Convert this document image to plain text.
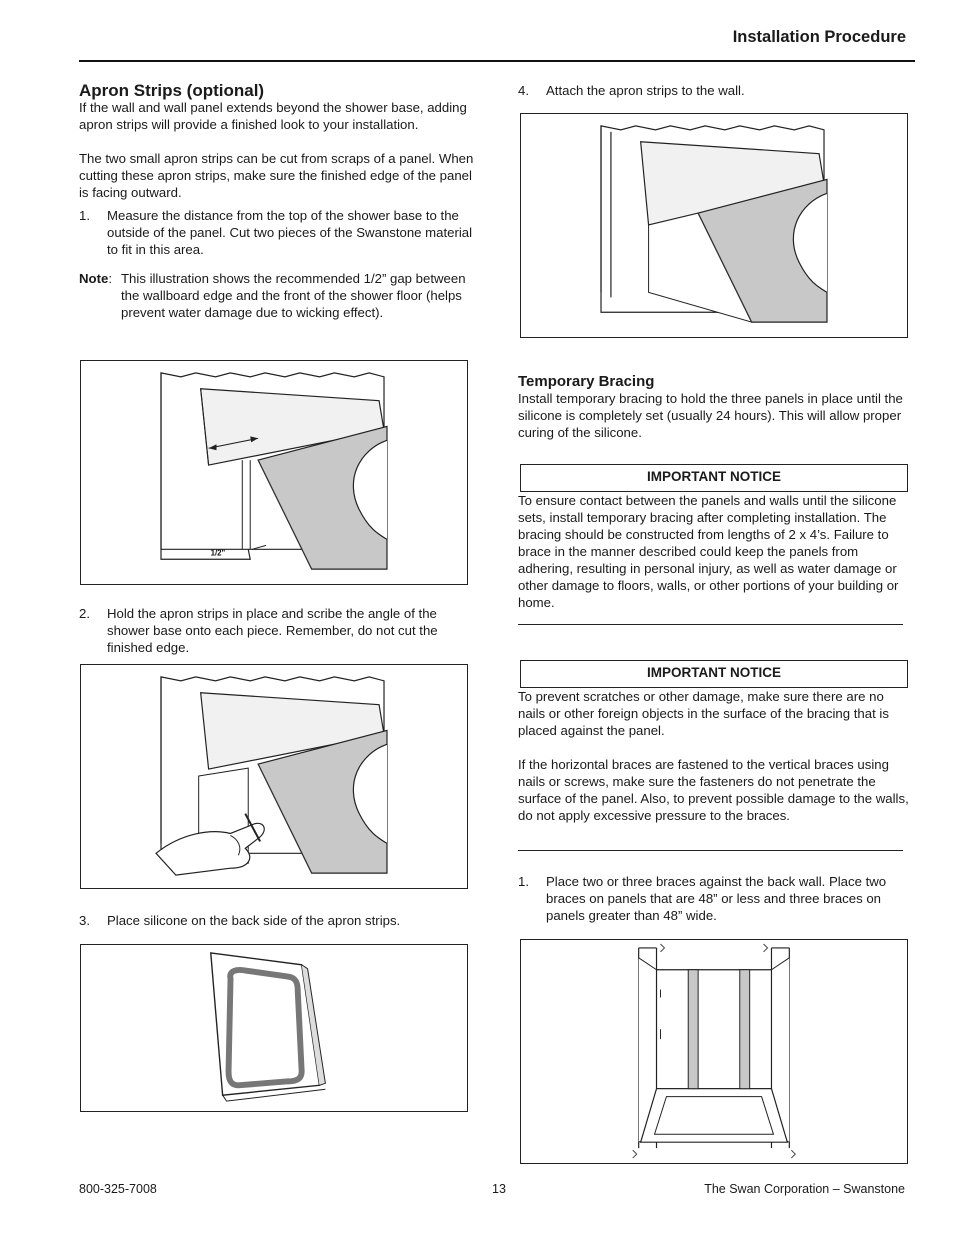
Installation Procedure
Apron Strips (optional)

If the wall and wall panel extends beyond the shower base, adding apron strips will provide a finished look to your installation.

The two small apron strips can be cut from scraps of a panel. When cutting these apron strips, make sure the finished edge of the panel is facing outward.

1.	Measure the distance from the top of the shower base to the outside of the panel. Cut two pieces of the Swanstone material to fit in this area.
Note: This illustration shows the recommended 1/2” gap between the wallboard edge and the front of the shower floor (helps prevent water damage due to wicking effect).
1/2"
2.	Hold the apron strips in place and scribe the angle of the shower base onto each piece. Remember, do not cut the finished edge.
3.	Place silicone on the back side of the apron strips.
4.	Attach the apron strips to the wall.
Temporary Bracing

Install temporary bracing to hold the three panels in place until the silicone is completely set (usually 24 hours). This will allow proper curing of the silicone.

IMPORTANT NOTICE

To ensure contact between the panels and walls until the silicone sets, install temporary bracing after completing installation. The bracing should be constructed from lengths of 2 x 4’s. Failure to brace in the manner described could keep the panels from adhering, resulting in personal injury, as well as water damage or other damage to floors, walls, or other portions of your building or home.

IMPORTANT NOTICE

To prevent scratches or other damage, make sure there are no nails or other foreign objects in the surface of the bracing that is placed against the panel.

If the horizontal braces are fastened to the vertical braces using nails or screws, make sure the fasteners do not penetrate the surface of the panel. Also, to prevent possible damage to the walls, do not apply excessive pressure to the braces.

1.	Place two or three braces against the back wall. Place two braces on panels that are 48” or less and three braces on panels greater than 48” wide.
800-325-7008	13	The Swan Corporation – Swanstone
